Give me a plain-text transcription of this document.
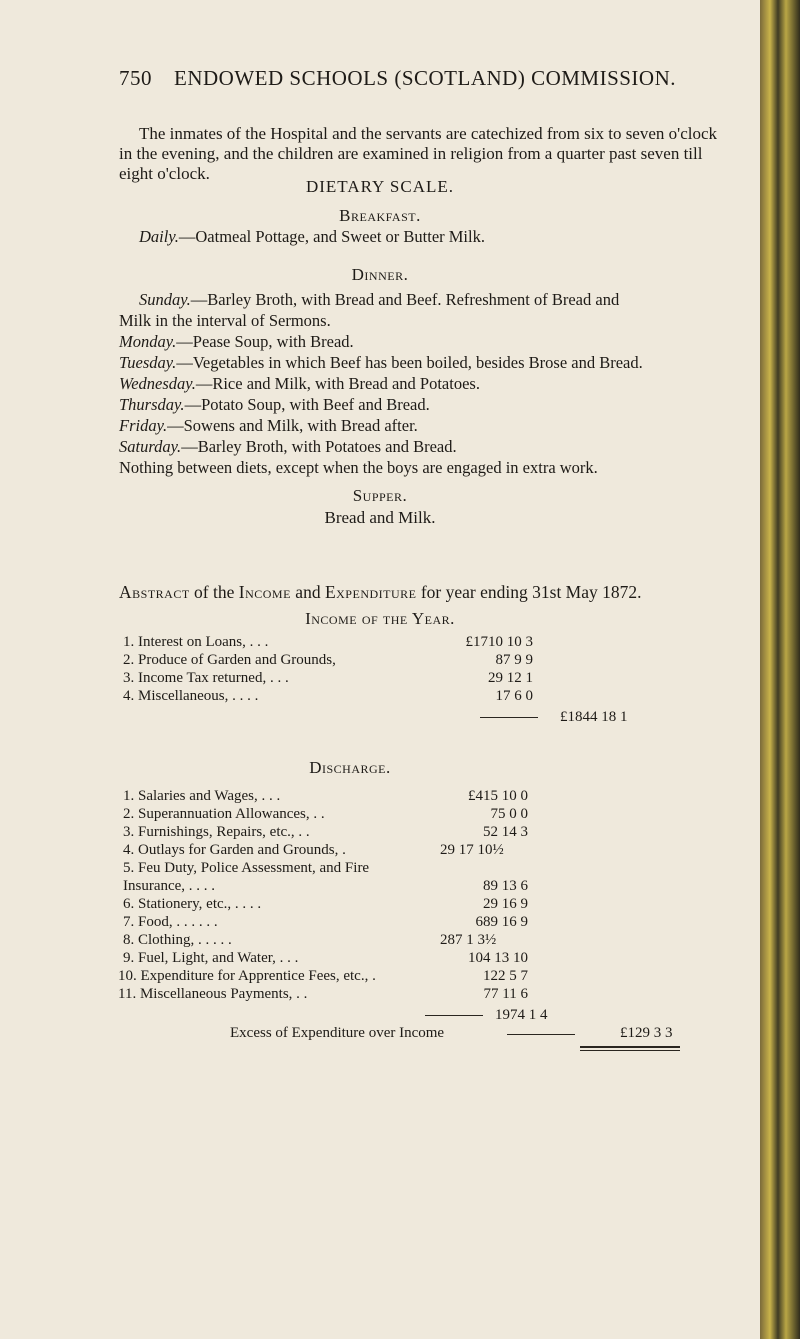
750 ENDOWED SCHOOLS (SCOTLAND) COMMISSION.

The inmates of the Hospital and the servants are catechized from six to seven o'clock in the evening, and the children are examined in religion from a quarter past seven till eight o'clock.

DIETARY SCALE.

Breakfast.

Daily.—Oatmeal Pottage, and Sweet or Butter Milk.

Dinner.

Sunday.—Barley Broth, with Bread and Beef. Refreshment of Bread and

Milk in the interval of Sermons.

Monday.—Pease Soup, with Bread.

Tuesday.—Vegetables in which Beef has been boiled, besides Brose and Bread.

Wednesday.—Rice and Milk, with Bread and Potatoes.

Thursday.—Potato Soup, with Beef and Bread.

Friday.—Sowens and Milk, with Bread after.

Saturday.—Barley Broth, with Potatoes and Bread.

Nothing between diets, except when the boys are engaged in extra work.

Supper.

Bread and Milk.

Abstract of the Income and Expenditure for year ending 31st May 1872.

Income of the Year.

1. Interest on Loans, . . .	£1710 10 3
2. Produce of Garden and Grounds,	87 9 9
3. Income Tax returned, . . .	29 12 1
4. Miscellaneous, . . . .	17 6 0
£1844 18 1

Discharge.

1. Salaries and Wages, . . .	£415 10 0
2. Superannuation Allowances, . .	75 0 0
3. Furnishings, Repairs, etc., . .	52 14 3
4. Outlays for Garden and Grounds, .	29 17 10½
5. Feu Duty, Police Assessment, and Fire
Insurance, . . . .	89 13 6
6. Stationery, etc., . . . .	29 16 9
7. Food, . . . . . .	689 16 9
8. Clothing, . . . . .	287 1 3½
9. Fuel, Light, and Water, . . .	104 13 10
10. Expenditure for Apprentice Fees, etc., .	122 5 7
11. Miscellaneous Payments, . .	77 11 6
1974 1 4
Excess of Expenditure over Income	£129 3 3
